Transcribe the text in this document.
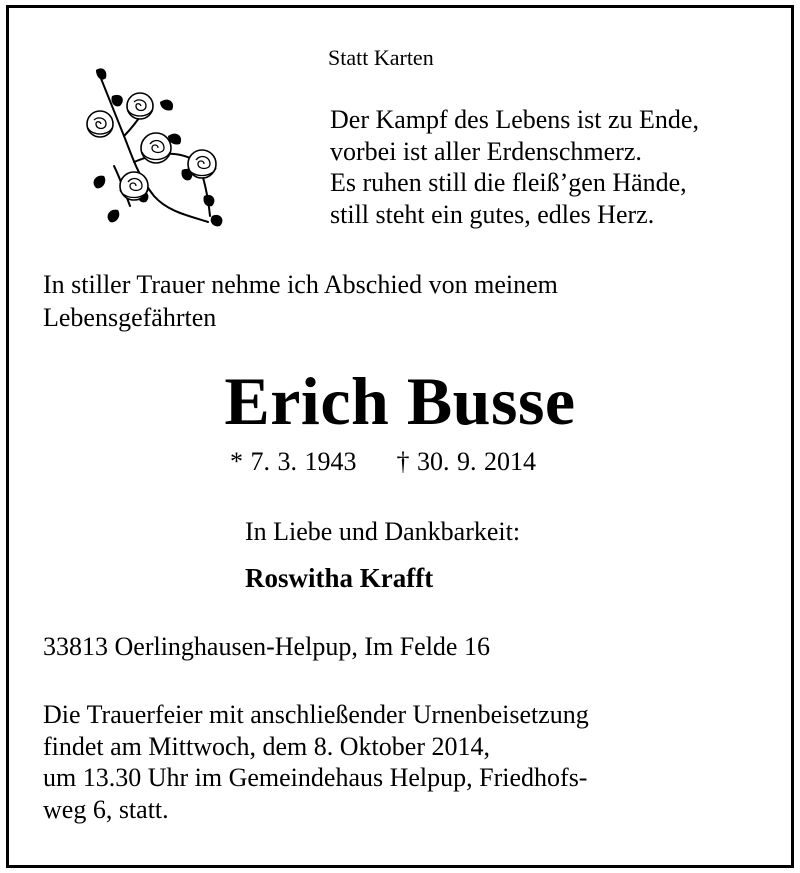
Statt Karten
Der Kampf des Lebens ist zu Ende,
vorbei ist aller Erdenschmerz.
Es ruhen still die fleiß’gen Hände,
still steht ein gutes, edles Herz.
In stiller Trauer nehme ich Abschied von meinem
Lebensgefährten
Erich Busse
* 7. 3. 1943 † 30. 9. 2014
In Liebe und Dankbarkeit:
Roswitha Krafft
33813 Oerlinghausen-Helpup, Im Felde 16
Die Trauerfeier mit anschließender Urnenbeisetzung
findet am Mittwoch, dem 8. Oktober 2014,
um 13.30 Uhr im Gemeindehaus Helpup, Friedhofs-
weg 6, statt.
